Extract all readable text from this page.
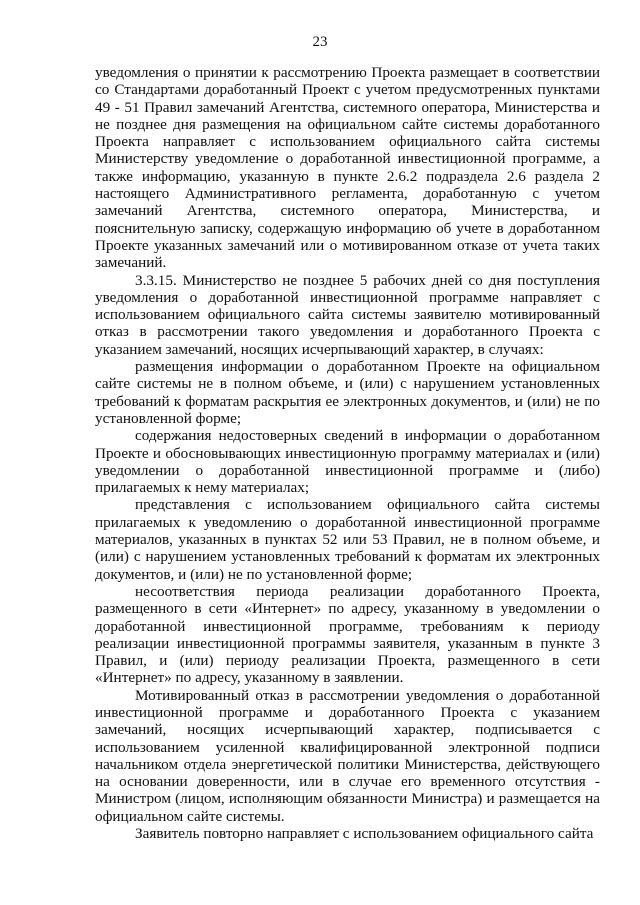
23

уведомления о принятии к рассмотрению Проекта размещает в соответствии со Стандартами доработанный Проект с учетом предусмотренных пунктами 49 - 51 Правил замечаний Агентства, системного оператора, Министерства и не позднее дня размещения на официальном сайте системы доработанного Проекта направляет с использованием официального сайта системы Министерству уведомление о доработанной инвестиционной программе, а также информацию, указанную в пункте 2.6.2 подраздела 2.6 раздела 2 настоящего Административного регламента, доработанную с учетом замечаний Агентства, системного оператора, Министерства, и пояснительную записку, содержащую информацию об учете в доработанном Проекте указанных замечаний или о мотивированном отказе от учета таких замечаний.

3.3.15. Министерство не позднее 5 рабочих дней со дня поступления уведомления о доработанной инвестиционной программе направляет с использованием официального сайта системы заявителю мотивированный отказ в рассмотрении такого уведомления и доработанного Проекта с указанием замечаний, носящих исчерпывающий характер, в случаях:

размещения информации о доработанном Проекте на официальном сайте системы не в полном объеме, и (или) с нарушением установленных требований к форматам раскрытия ее электронных документов, и (или) не по установленной форме;

содержания недостоверных сведений в информации о доработанном Проекте и обосновывающих инвестиционную программу материалах и (или) уведомлении о доработанной инвестиционной программе и (либо) прилагаемых к нему материалах;

представления с использованием официального сайта системы прилагаемых к уведомлению о доработанной инвестиционной программе материалов, указанных в пунктах 52 или 53 Правил, не в полном объеме, и (или) с нарушением установленных требований к форматам их электронных документов, и (или) не по установленной форме;

несоответствия периода реализации доработанного Проекта, размещенного в сети «Интернет» по адресу, указанному в уведомлении о доработанной инвестиционной программе, требованиям к периоду реализации инвестиционной программы заявителя, указанным в пункте 3 Правил, и (или) периоду реализации Проекта, размещенного в сети «Интернет» по адресу, указанному в заявлении.

Мотивированный отказ в рассмотрении уведомления о доработанной инвестиционной программе и доработанного Проекта с указанием замечаний, носящих исчерпывающий характер, подписывается с использованием усиленной квалифицированной электронной подписи начальником отдела энергетической политики Министерства, действующего на основании доверенности, или в случае его временного отсутствия - Министром (лицом, исполняющим обязанности Министра) и размещается на официальном сайте системы.

Заявитель повторно направляет с использованием официального сайта
